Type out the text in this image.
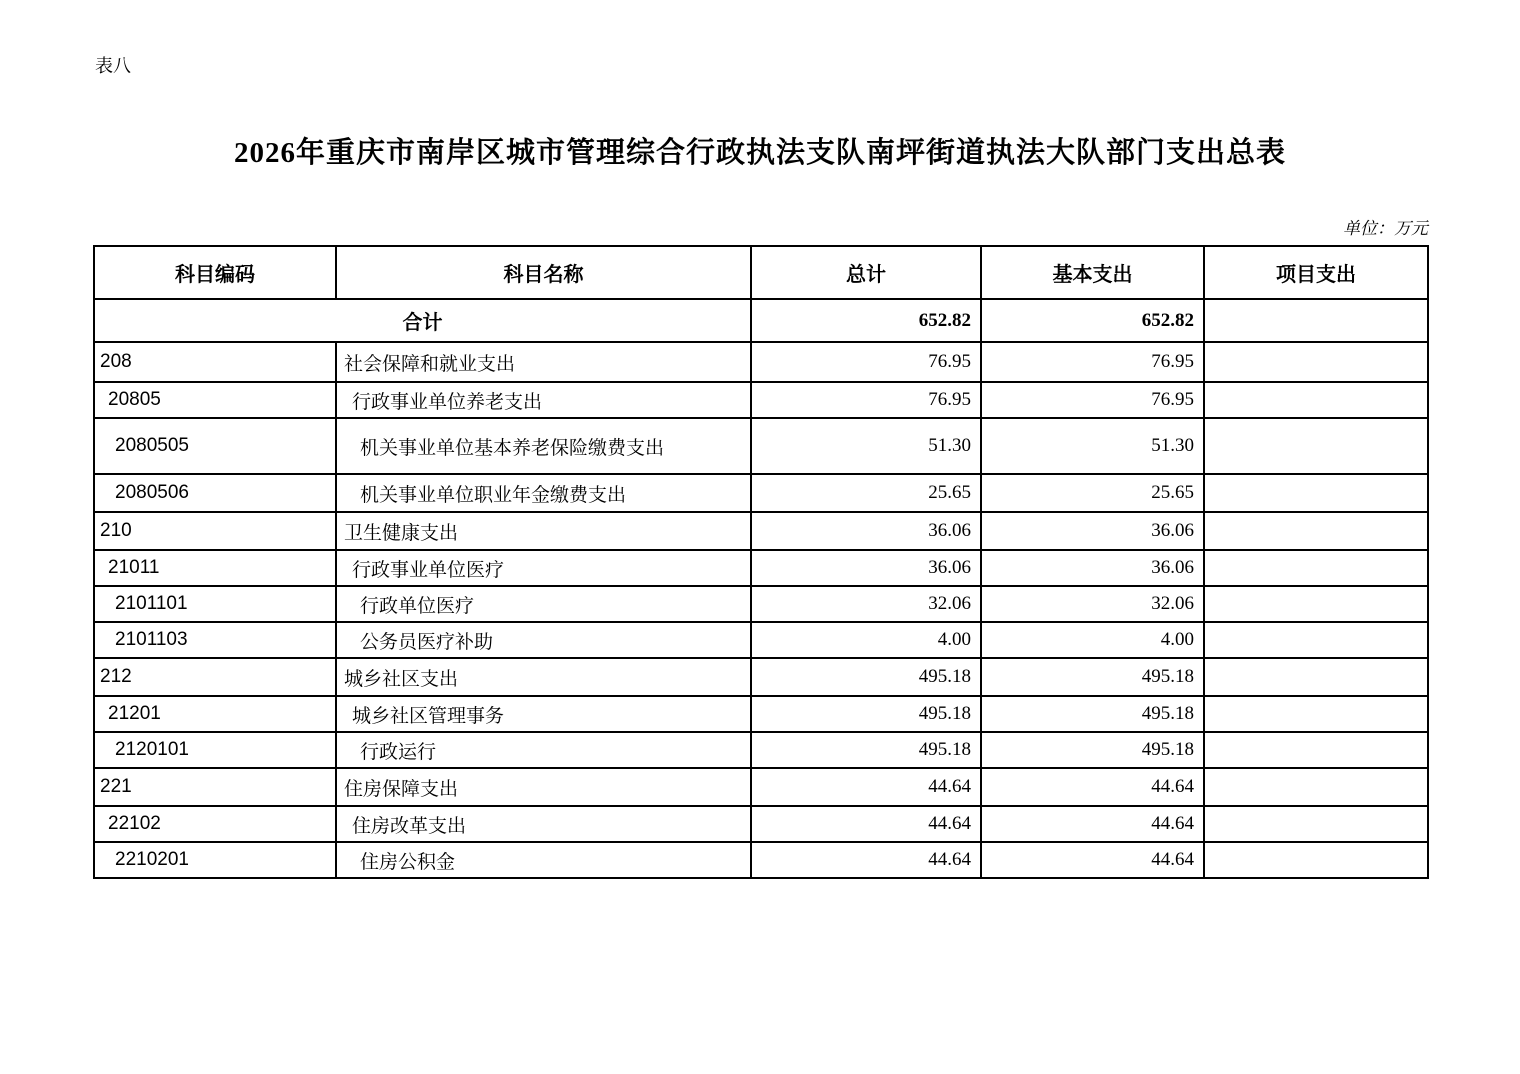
表八
2026年重庆市南岸区城市管理综合行政执法支队南坪街道执法大队部门支出总表
单位：万元
科目编码	科目名称	总计	基本支出	项目支出
合计		652.82	652.82	
208	社会保障和就业支出	76.95	76.95	
20805	行政事业单位养老支出	76.95	76.95	
2080505	机关事业单位基本养老保险缴费支出	51.30	51.30	
2080506	机关事业单位职业年金缴费支出	25.65	25.65	
210	卫生健康支出	36.06	36.06	
21011	行政事业单位医疗	36.06	36.06	
2101101	行政单位医疗	32.06	32.06	
2101103	公务员医疗补助	4.00	4.00	
212	城乡社区支出	495.18	495.18	
21201	城乡社区管理事务	495.18	495.18	
2120101	行政运行	495.18	495.18	
221	住房保障支出	44.64	44.64	
22102	住房改革支出	44.64	44.64	
2210201	住房公积金	44.64	44.64	
